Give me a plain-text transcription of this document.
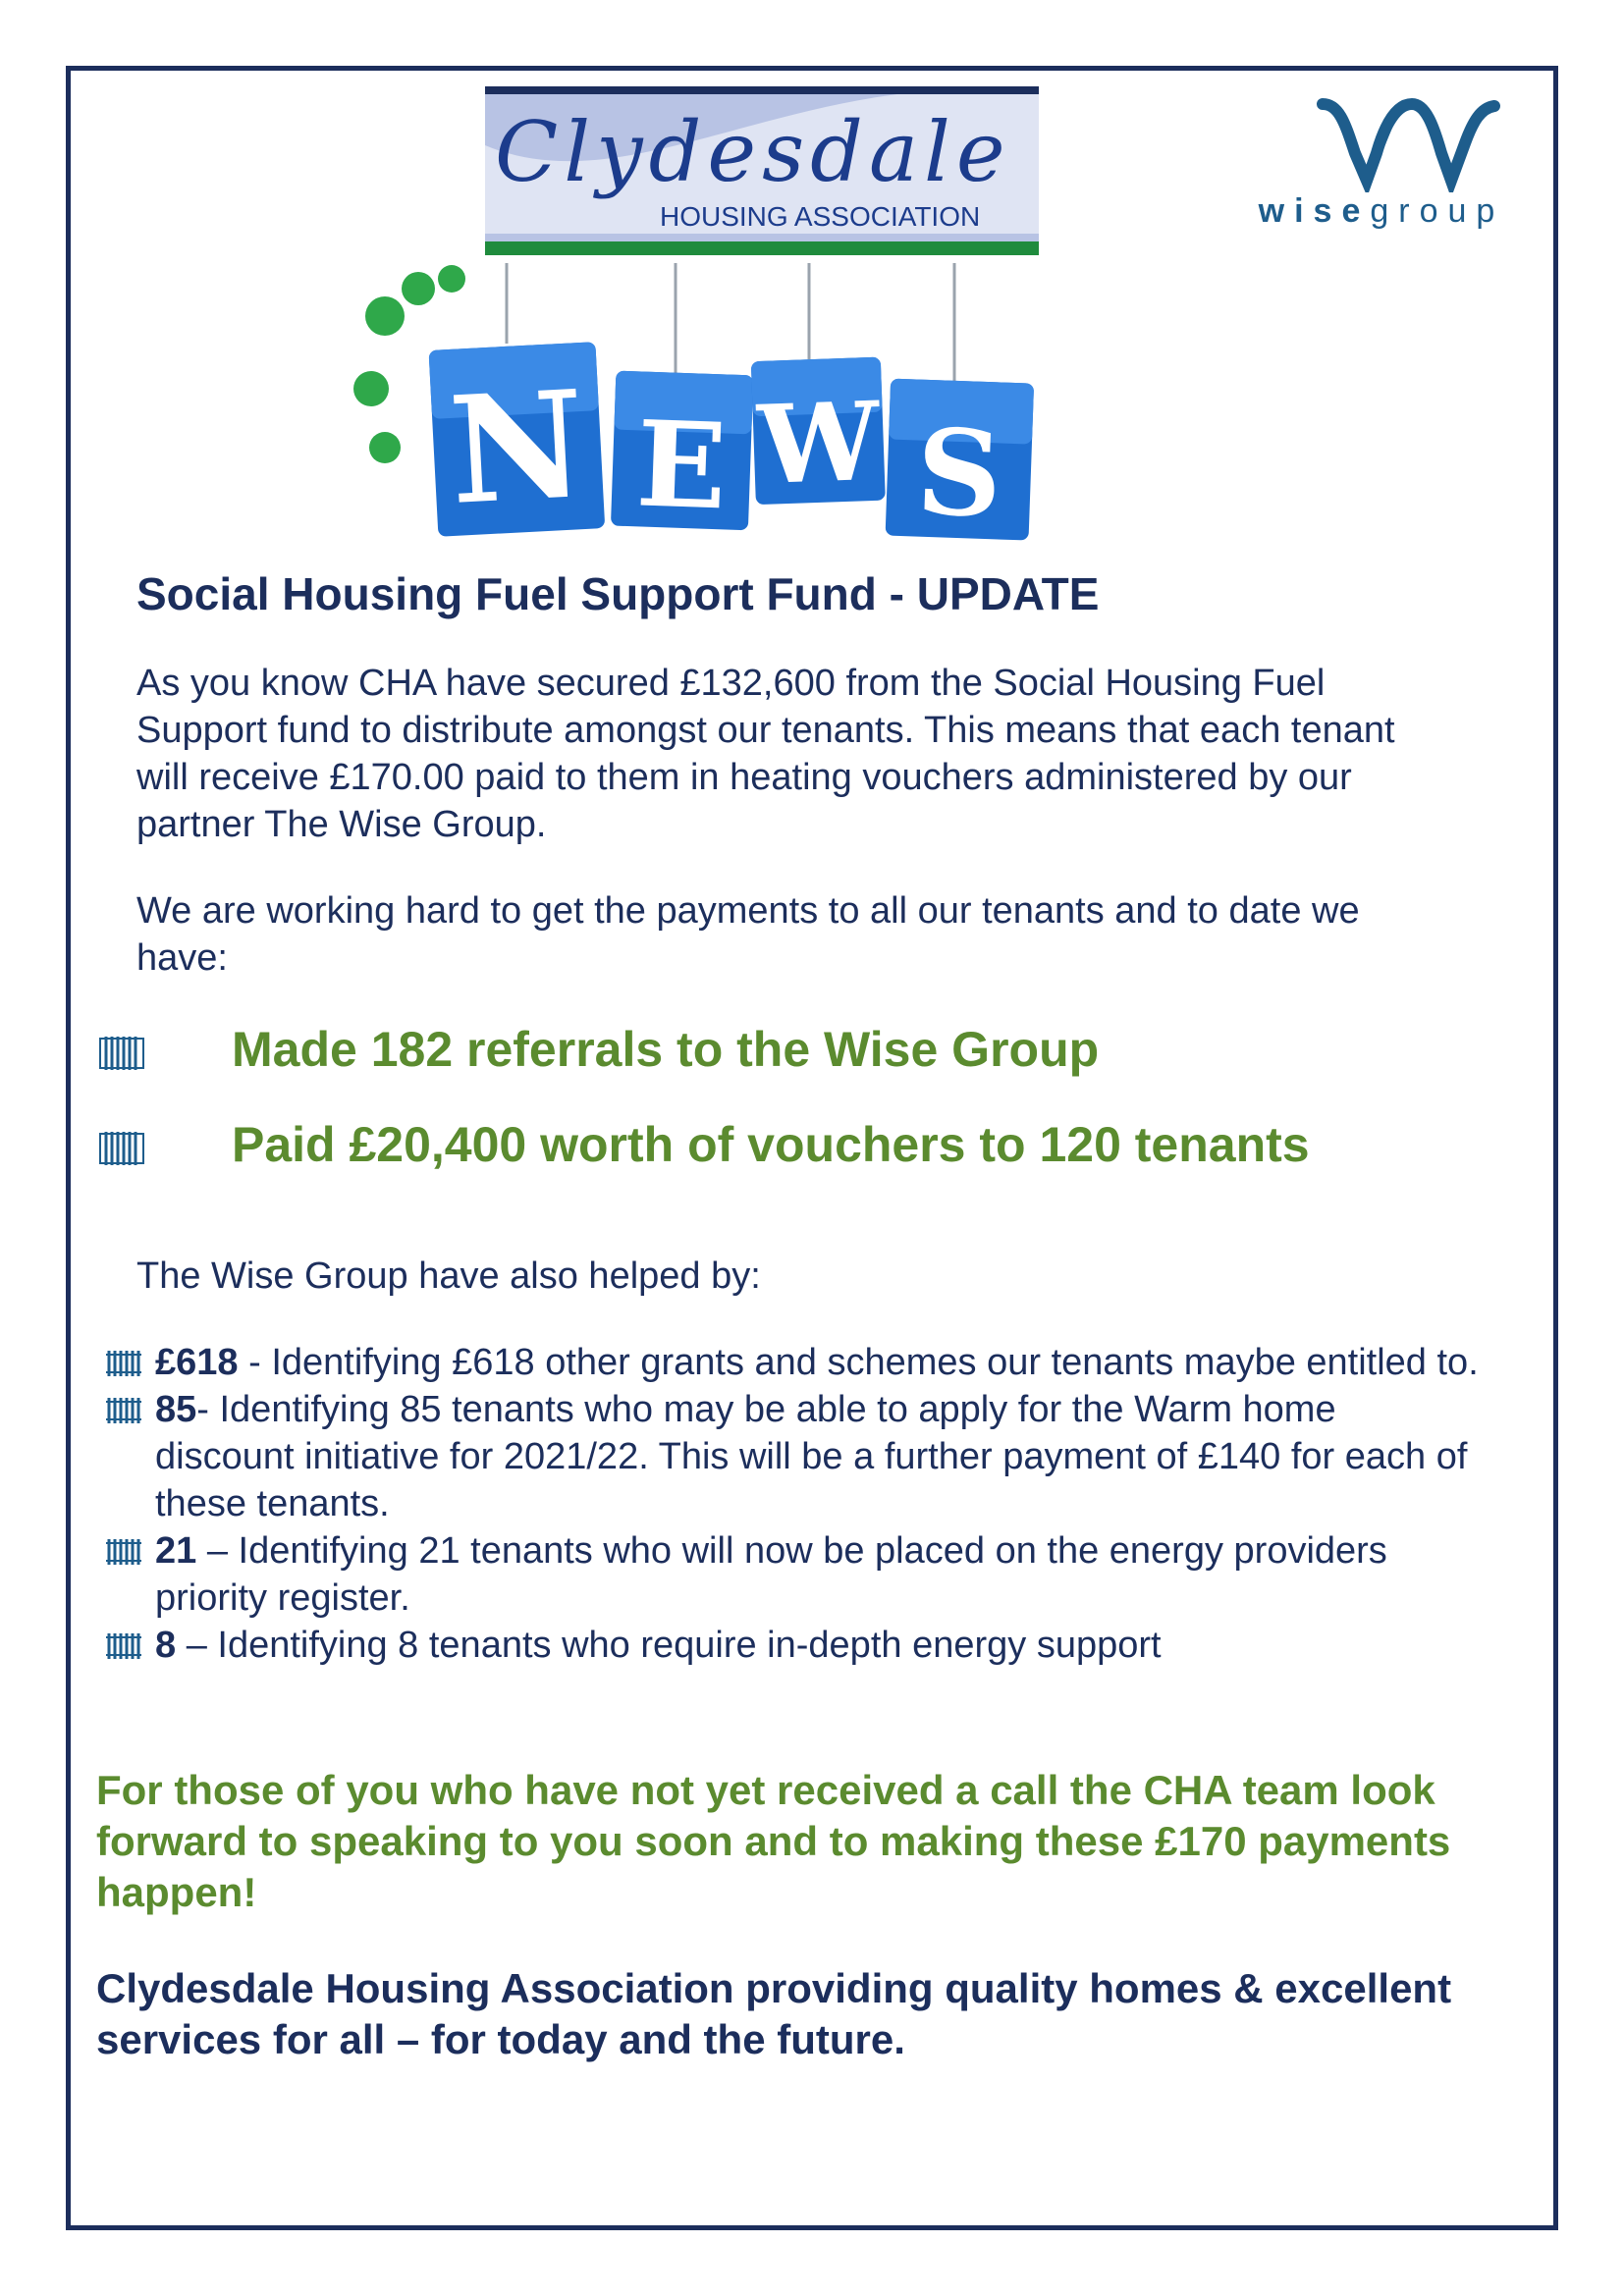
Clydesdale
HOUSING ASSOCIATION	wisegroup
N E W S
Social Housing Fuel Support Fund - UPDATE

As you know CHA have secured £132,600 from the Social Housing Fuel Support fund to distribute amongst our tenants. This means that each tenant will receive £170.00 paid to them in heating vouchers administered by our partner The Wise Group.

We are working hard to get the payments to all our tenants and to date we have:

Made 182 referrals to the Wise Group
Paid £20,400 worth of vouchers to 120 tenants

The Wise Group have also helped by:

£618 - Identifying £618 other grants and schemes our tenants maybe entitled to.
85- Identifying 85 tenants who may be able to apply for the Warm home discount initiative for 2021/22. This will be a further payment of £140 for each of these tenants.
21 – Identifying 21 tenants who will now be placed on the energy providers priority register.
8 – Identifying 8 tenants who require in-depth energy support

For those of you who have not yet received a call the CHA team look forward to speaking to you soon and to making these £170 payments happen!

Clydesdale Housing Association providing quality homes & excellent services for all – for today and the future.
